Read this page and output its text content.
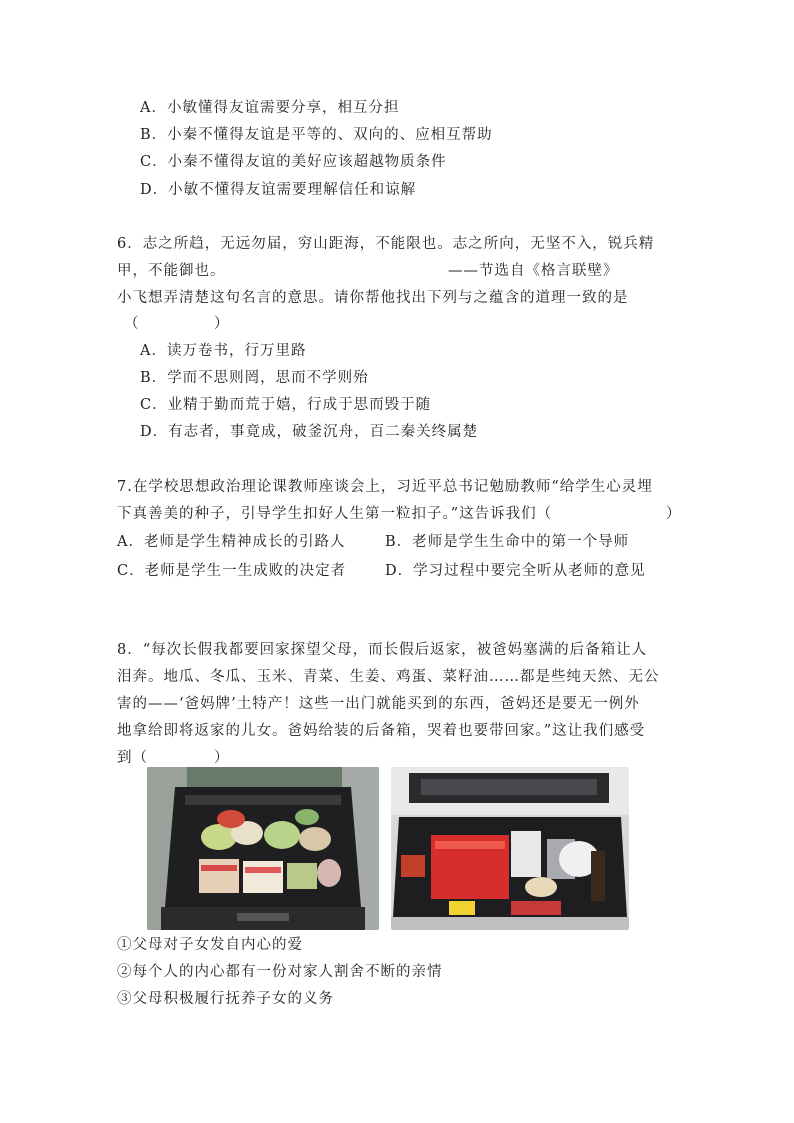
A．小敏懂得友谊需要分享，相互分担
B．小秦不懂得友谊是平等的、双向的、应相互帮助
C．小秦不懂得友谊的美好应该超越物质条件
D．小敏不懂得友谊需要理解信任和谅解
6．志之所趋，无远勿届，穷山距海，不能限也。志之所向，无坚不入，锐兵精
甲，不能御也。	——节选自《格言联壁》
小飞想弄清楚这句名言的意思。请你帮他找出下列与之蕴含的道理一致的是
（	）
A．读万卷书，行万里路
B．学而不思则罔，思而不学则殆
C．业精于勤而荒于嬉，行成于思而毁于随
D．有志者，事竟成，破釜沉舟，百二秦关终属楚
7.在学校思想政治理论课教师座谈会上，习近平总书记勉励教师“给学生心灵埋
下真善美的种子，引导学生扣好人生第一粒扣子。”这告诉我们（	）
A．老师是学生精神成长的引路人	B．老师是学生生命中的第一个导师
C．老师是学生一生成败的决定者	D．学习过程中要完全听从老师的意见
8．“每次长假我都要回家探望父母，而长假后返家，被爸妈塞满的后备箱让人
泪奔。地瓜、冬瓜、玉米、青菜、生姜、鸡蛋、菜籽油……都是些纯天然、无公
害的——‘爸妈牌’土特产！这些一出门就能买到的东西，爸妈还是要无一例外
地拿给即将返家的儿女。爸妈给装的后备箱，哭着也要带回家。”这让我们感受
到（	）
①父母对子女发自内心的爱
②每个人的内心都有一份对家人割舍不断的亲情
③父母积极履行抚养子女的义务
